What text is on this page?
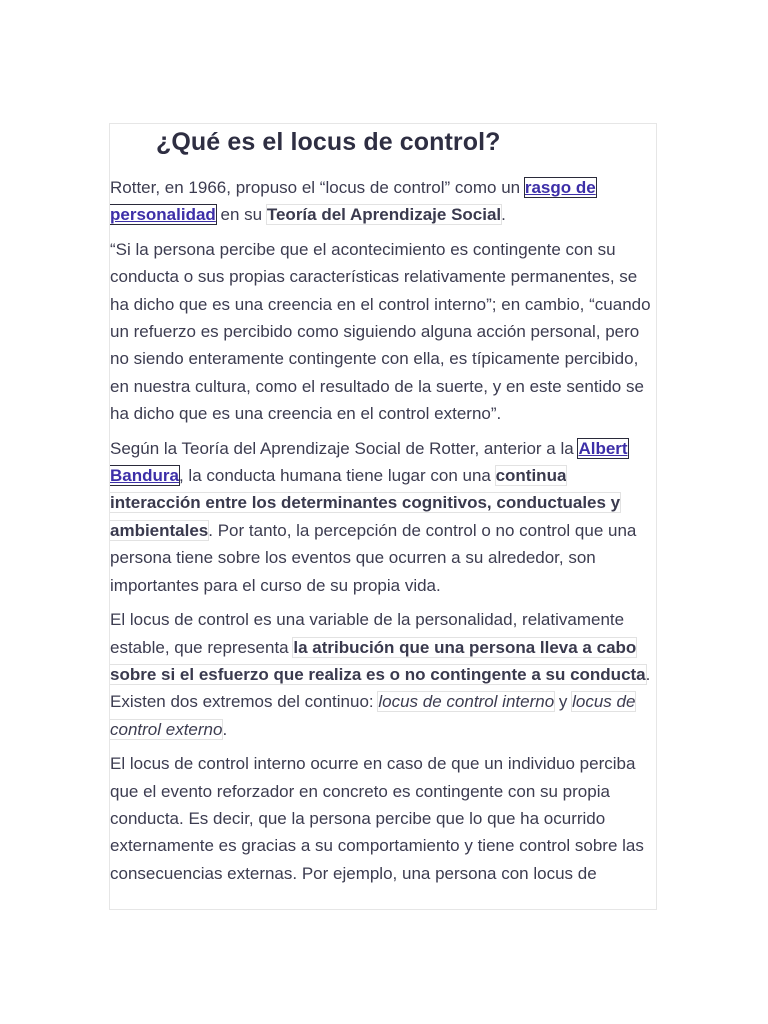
¿Qué es el locus de control?

Rotter, en 1966, propuso el “locus de control” como un rasgo de personalidad en su Teoría del Aprendizaje Social.

“Si la persona percibe que el acontecimiento es contingente con su conducta o sus propias características relativamente permanentes, se ha dicho que es una creencia en el control interno”; en cambio, “cuando un refuerzo es percibido como siguiendo alguna acción personal, pero no siendo enteramente contingente con ella, es típicamente percibido, en nuestra cultura, como el resultado de la suerte, y en este sentido se ha dicho que es una creencia en el control externo”.

Según la Teoría del Aprendizaje Social de Rotter, anterior a la Albert Bandura, la conducta humana tiene lugar con una continua interacción entre los determinantes cognitivos, conductuales y ambientales. Por tanto, la percepción de control o no control que una persona tiene sobre los eventos que ocurren a su alrededor, son importantes para el curso de su propia vida.

El locus de control es una variable de la personalidad, relativamente estable, que representa la atribución que una persona lleva a cabo sobre si el esfuerzo que realiza es o no contingente a su conducta. Existen dos extremos del continuo: locus de control interno y locus de control externo.

El locus de control interno ocurre en caso de que un individuo perciba que el evento reforzador en concreto es contingente con su propia conducta. Es decir, que la persona percibe que lo que ha ocurrido externamente es gracias a su comportamiento y tiene control sobre las consecuencias externas. Por ejemplo, una persona con locus de
